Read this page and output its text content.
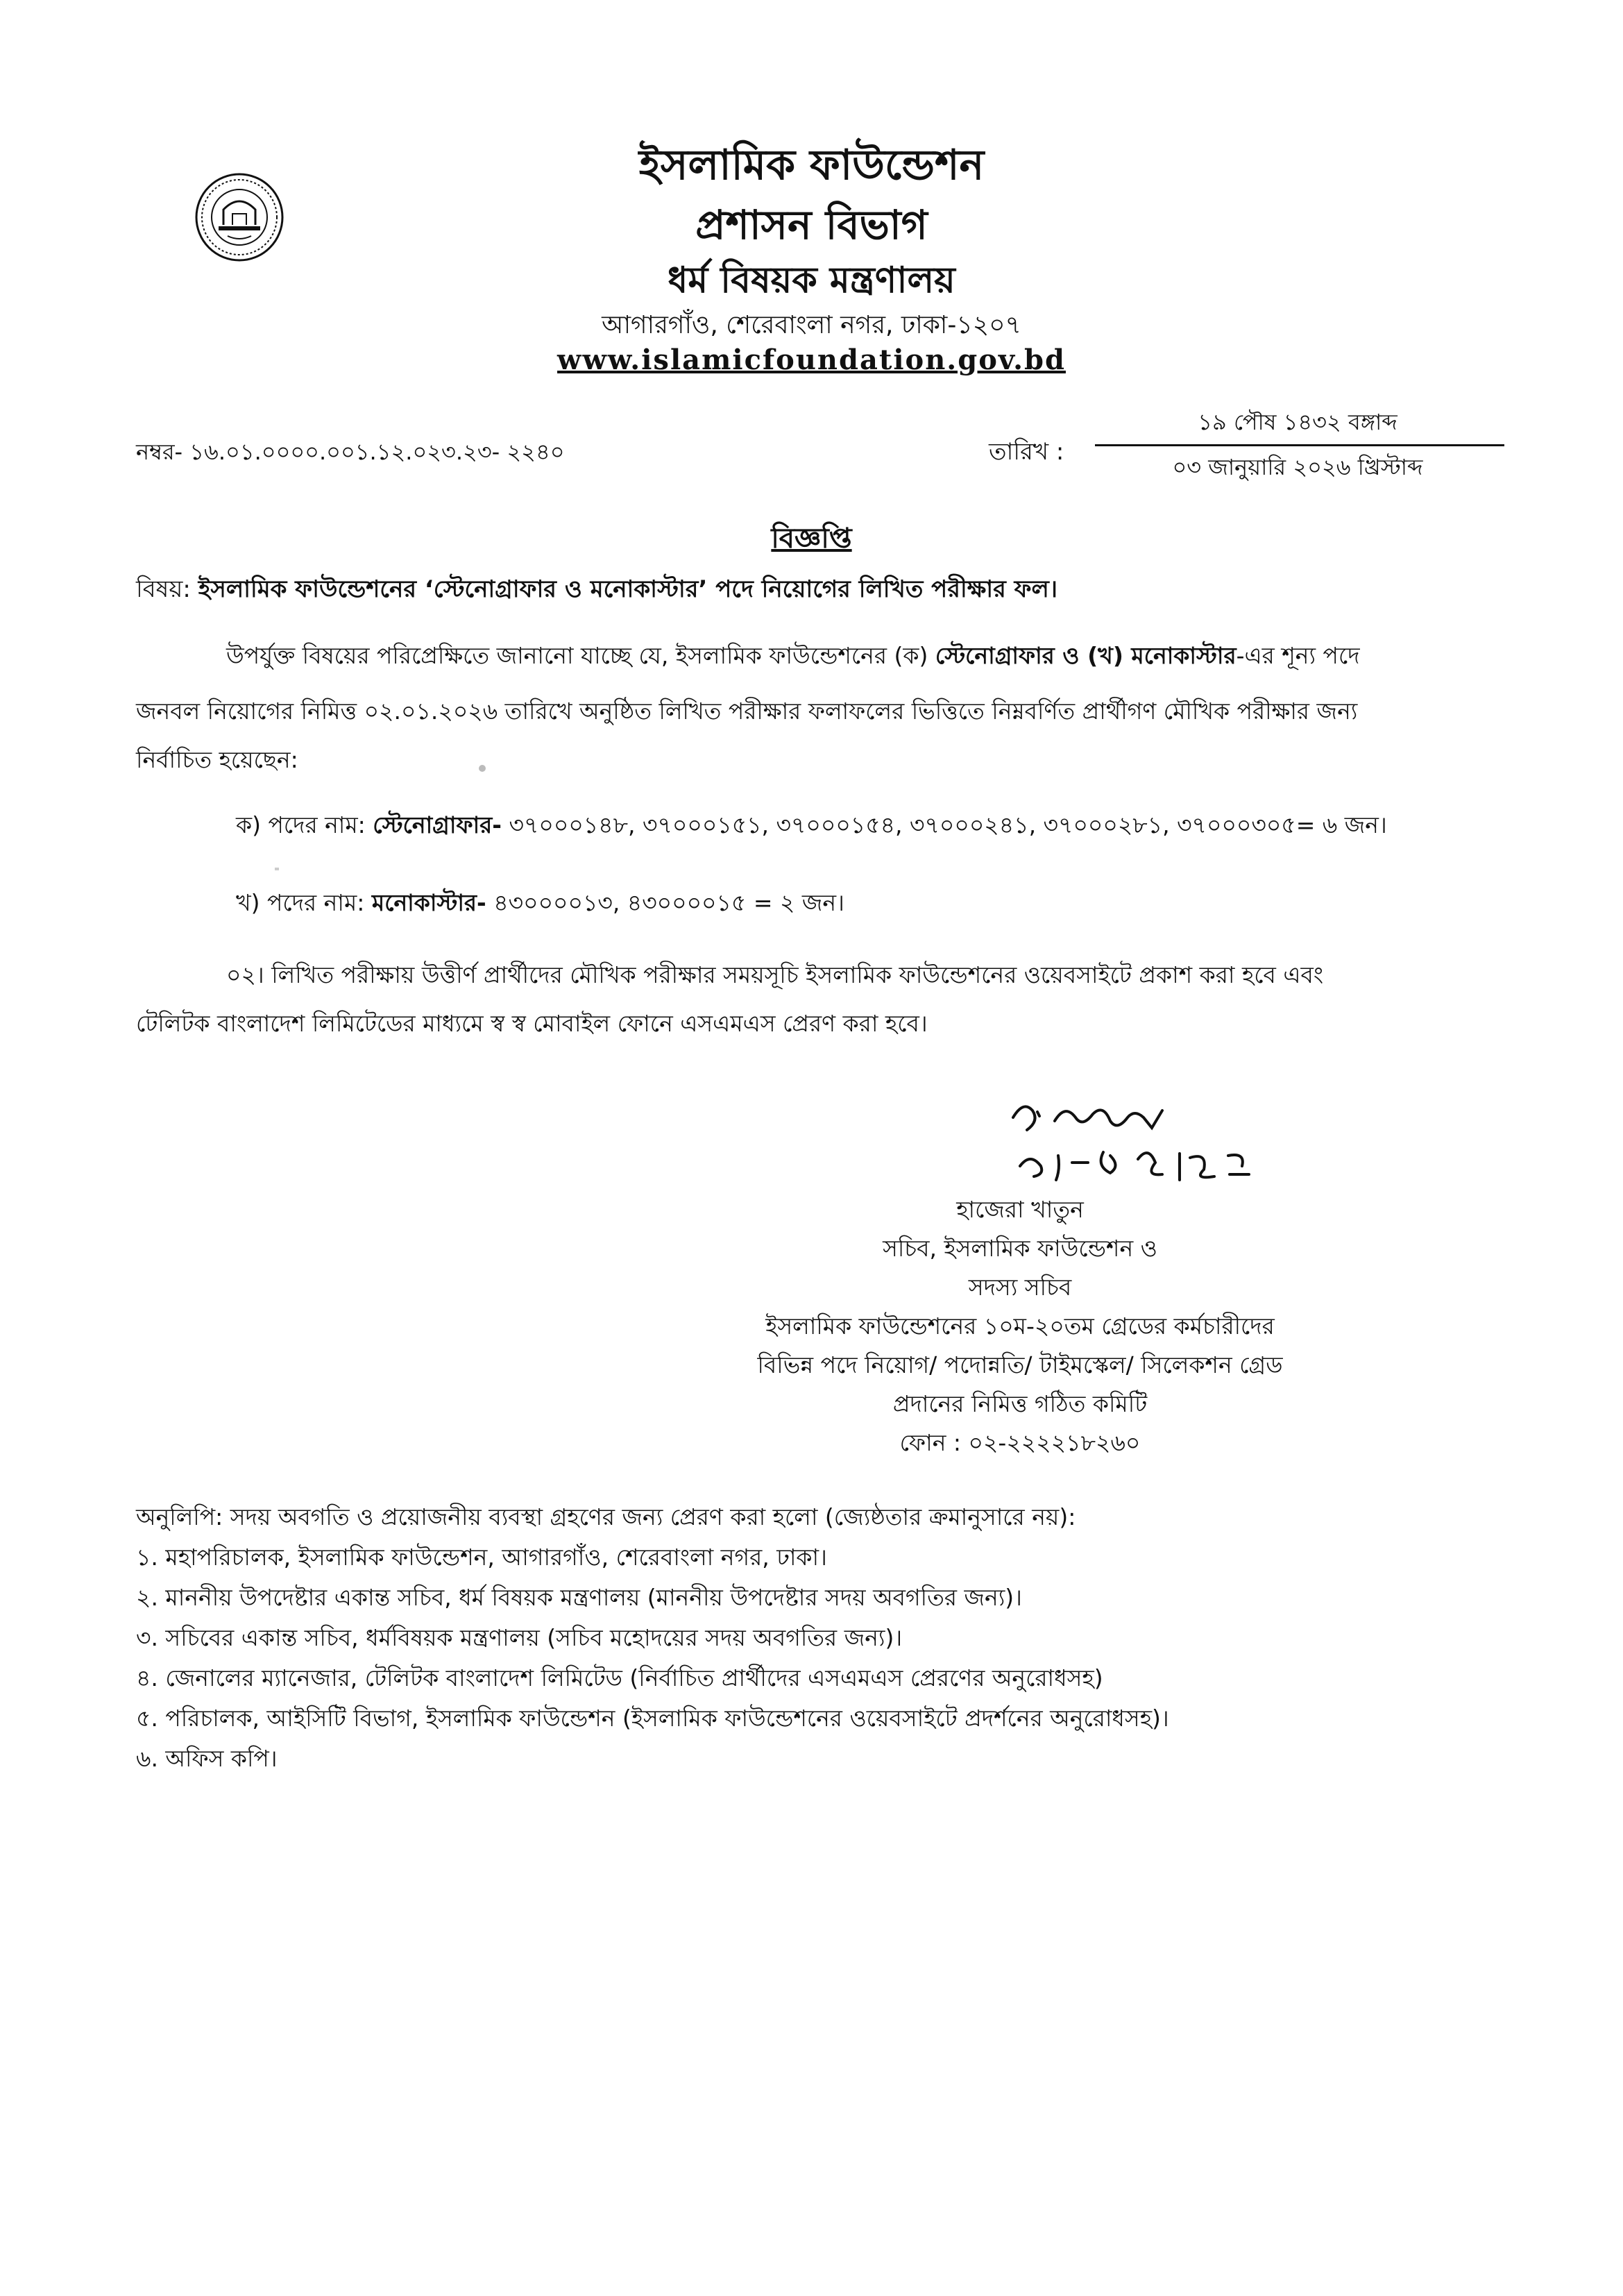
ইসলামিক ফাউন্ডেশন
প্রশাসন বিভাগ
ধর্ম বিষয়ক মন্ত্রণালয়
আগারগাঁও, শেরেবাংলা নগর, ঢাকা-১২০৭
www.islamicfoundation.gov.bd
নম্বর- ১৬.০১.০০০০.০০১.১২.০২৩.২৩- ২২৪০	তারিখ :
১৯ পৌষ ১৪৩২ বঙ্গাব্দ
০৩ জানুয়ারি ২০২৬ খ্রিস্টাব্দ
বিজ্ঞপ্তি
বিষয়: ইসলামিক ফাউন্ডেশনের ‘স্টেনোগ্রাফার ও মনোকাস্টার’ পদে নিয়োগের লিখিত পরীক্ষার ফল।
উপর্যুক্ত বিষয়ের পরিপ্রেক্ষিতে জানানো যাচ্ছে যে, ইসলামিক ফাউন্ডেশনের (ক) স্টেনোগ্রাফার ও (খ) মনোকাস্টার-এর শূন্য পদে
জনবল নিয়োগের নিমিত্ত ০২.০১.২০২৬ তারিখে অনুষ্ঠিত লিখিত পরীক্ষার ফলাফলের ভিত্তিতে নিম্নবর্ণিত প্রার্থীগণ মৌখিক পরীক্ষার জন্য
নির্বাচিত হয়েছেন:
ক) পদের নাম: স্টেনোগ্রাফার- ৩৭০০০১৪৮, ৩৭০০০১৫১, ৩৭০০০১৫৪, ৩৭০০০২৪১, ৩৭০০০২৮১, ৩৭০০০৩০৫= ৬ জন।
খ) পদের নাম: মনোকাস্টার- ৪৩০০০০১৩, ৪৩০০০০১৫ = ২ জন।
০২। লিখিত পরীক্ষায় উত্তীর্ণ প্রার্থীদের মৌখিক পরীক্ষার সময়সূচি ইসলামিক ফাউন্ডেশনের ওয়েবসাইটে প্রকাশ করা হবে এবং
টেলিটক বাংলাদেশ লিমিটেডের মাধ্যমে স্ব স্ব মোবাইল ফোনে এসএমএস প্রেরণ করা হবে।
হাজেরা খাতুন
সচিব, ইসলামিক ফাউন্ডেশন ও
সদস্য সচিব
ইসলামিক ফাউন্ডেশনের ১০ম-২০তম গ্রেডের কর্মচারীদের
বিভিন্ন পদে নিয়োগ/ পদোন্নতি/ টাইমস্কেল/ সিলেকশন গ্রেড
প্রদানের নিমিত্ত গঠিত কমিটি
ফোন : ০২-২২২২১৮২৬০
অনুলিপি: সদয় অবগতি ও প্রয়োজনীয় ব্যবস্থা গ্রহণের জন্য প্রেরণ করা হলো (জ্যেষ্ঠতার ক্রমানুসারে নয়):
১. মহাপরিচালক, ইসলামিক ফাউন্ডেশন, আগারগাঁও, শেরেবাংলা নগর, ঢাকা।
২. মাননীয় উপদেষ্টার একান্ত সচিব, ধর্ম বিষয়ক মন্ত্রণালয় (মাননীয় উপদেষ্টার সদয় অবগতির জন্য)।
৩. সচিবের একান্ত সচিব, ধর্মবিষয়ক মন্ত্রণালয় (সচিব মহোদয়ের সদয় অবগতির জন্য)।
৪. জেনালের ম্যানেজার, টেলিটক বাংলাদেশ লিমিটেড (নির্বাচিত প্রার্থীদের এসএমএস প্রেরণের অনুরোধসহ)
৫. পরিচালক, আইসিটি বিভাগ, ইসলামিক ফাউন্ডেশন (ইসলামিক ফাউন্ডেশনের ওয়েবসাইটে প্রদর্শনের অনুরোধসহ)।
৬. অফিস কপি।
